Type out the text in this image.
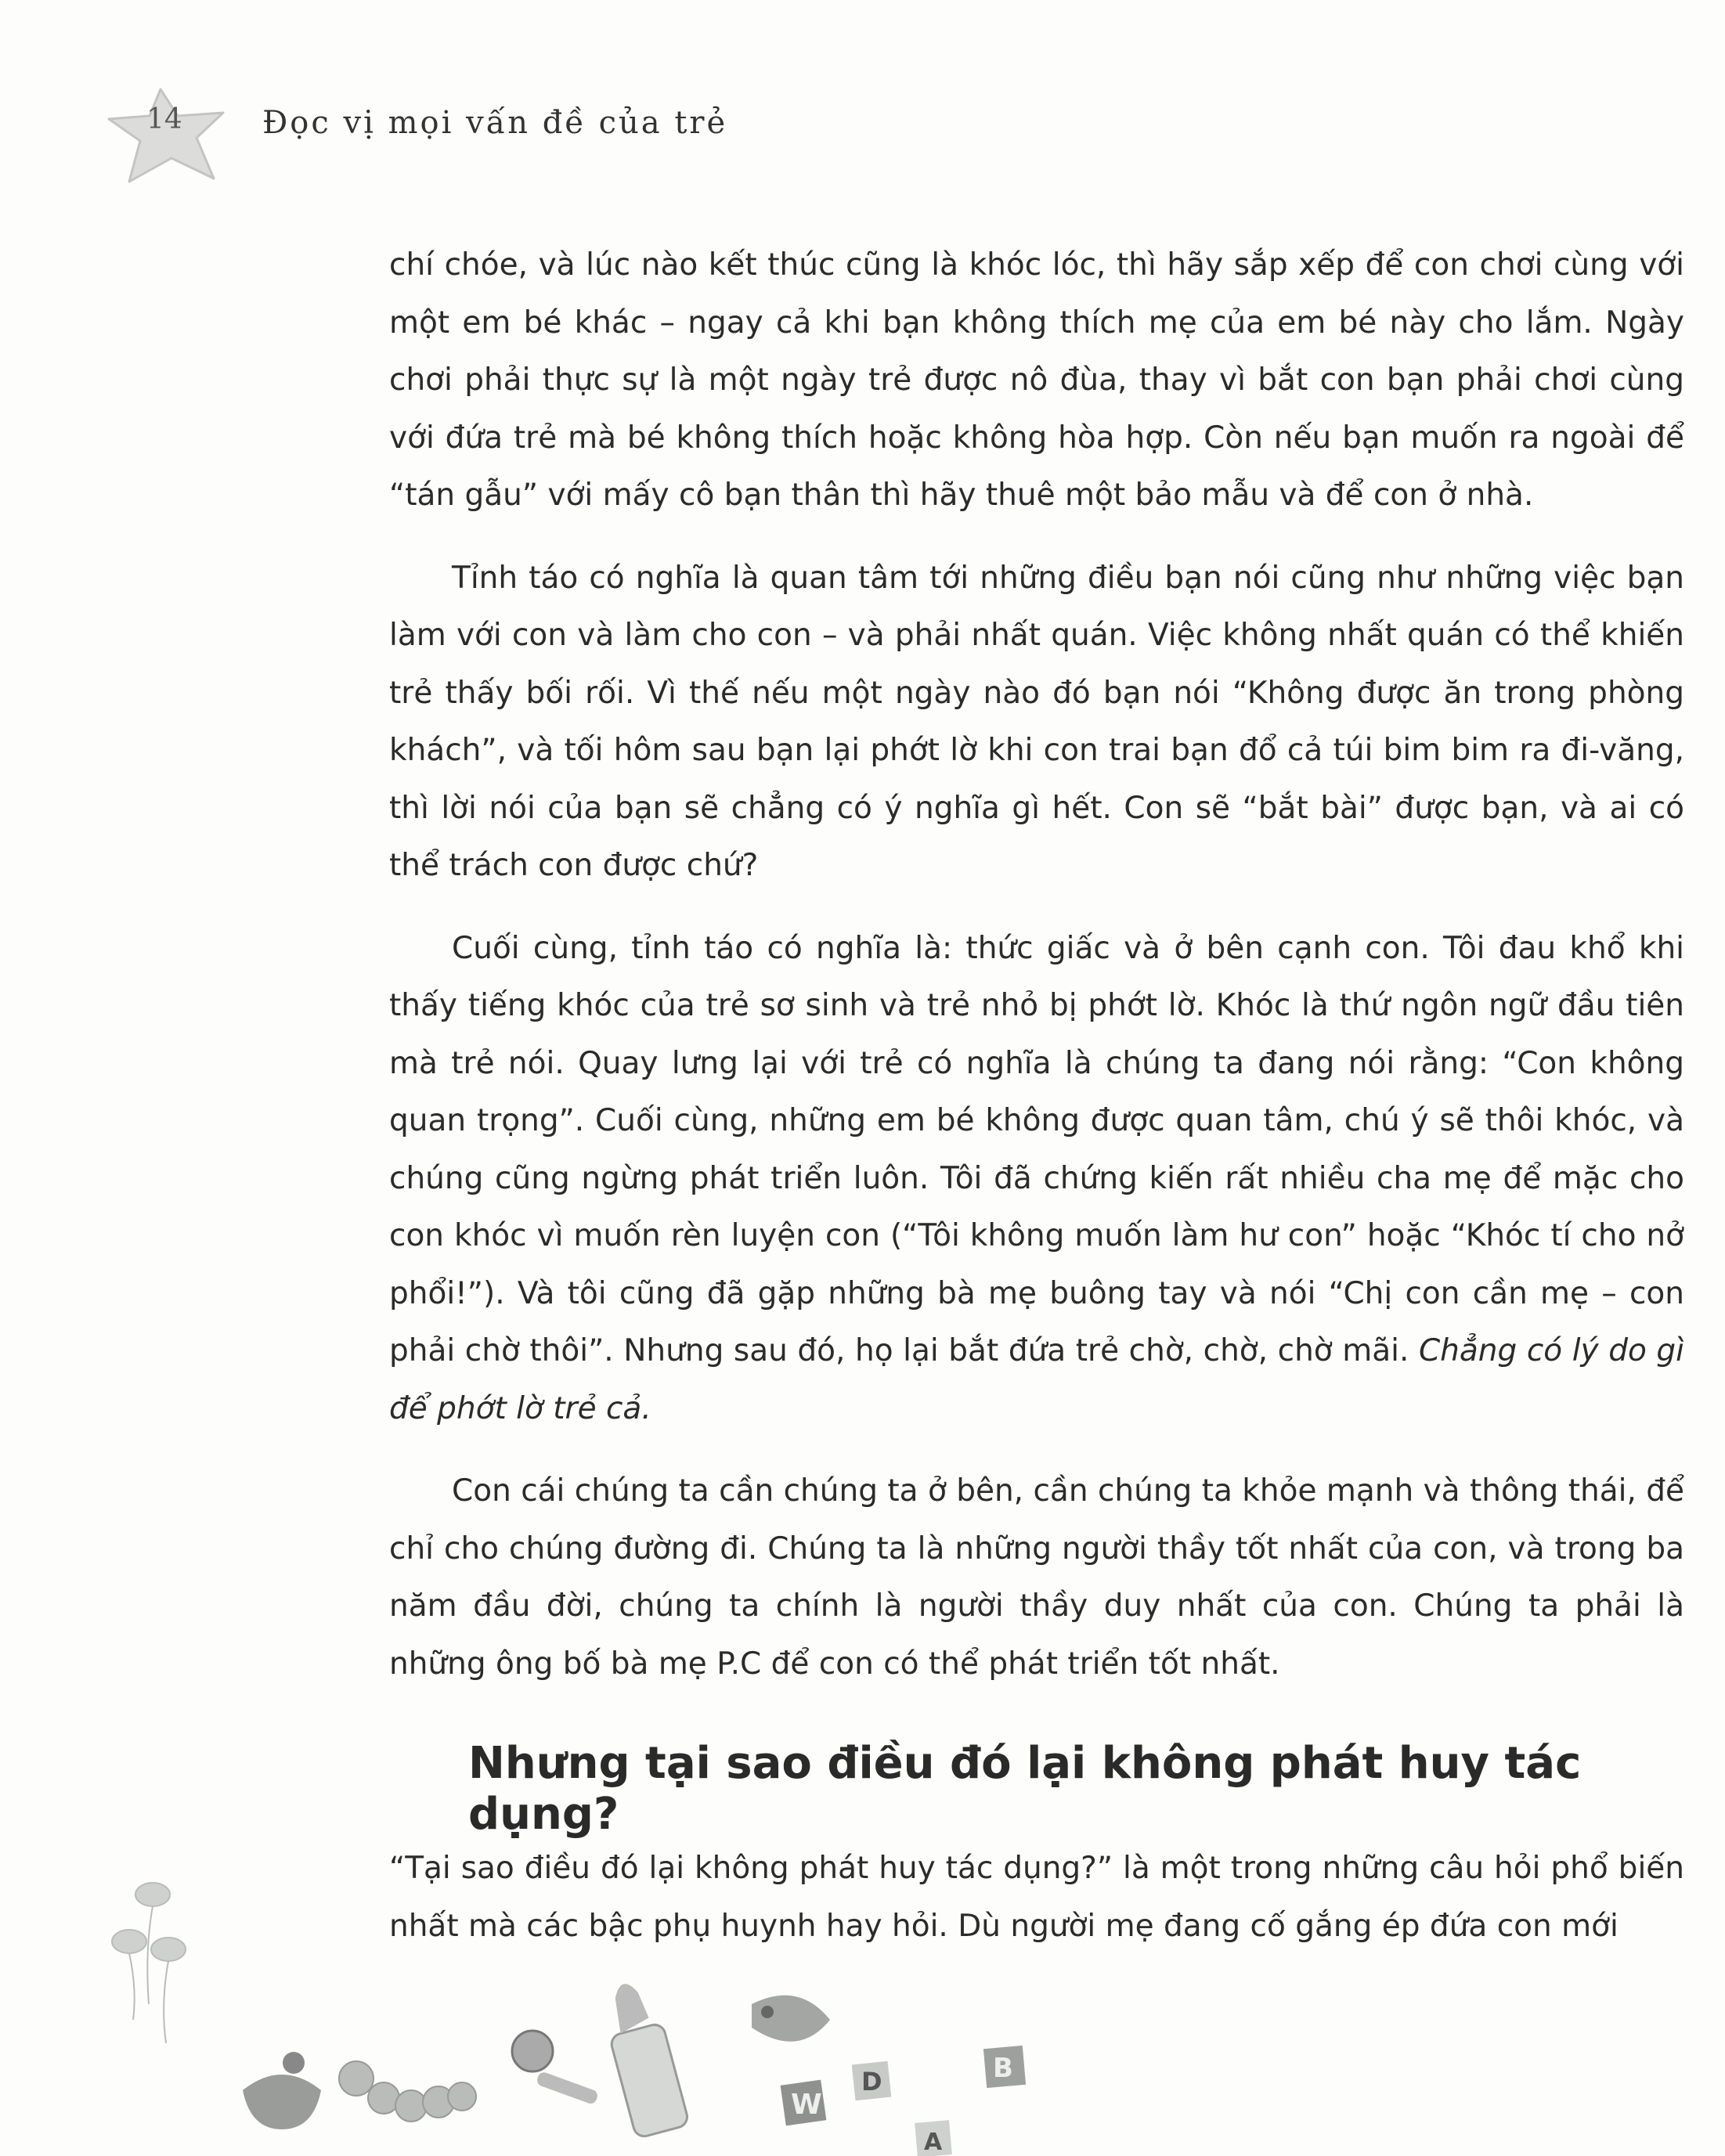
14	Đọc vị mọi vấn đề của trẻ

chí chóe, và lúc nào kết thúc cũng là khóc lóc, thì hãy sắp xếp để con chơi cùng với một em bé khác – ngay cả khi bạn không thích mẹ của em bé này cho lắm. Ngày chơi phải thực sự là một ngày trẻ được nô đùa, thay vì bắt con bạn phải chơi cùng với đứa trẻ mà bé không thích hoặc không hòa hợp. Còn nếu bạn muốn ra ngoài để “tán gẫu” với mấy cô bạn thân thì hãy thuê một bảo mẫu và để con ở nhà.

Tỉnh táo có nghĩa là quan tâm tới những điều bạn nói cũng như những việc bạn làm với con và làm cho con – và phải nhất quán. Việc không nhất quán có thể khiến trẻ thấy bối rối. Vì thế nếu một ngày nào đó bạn nói “Không được ăn trong phòng khách”, và tối hôm sau bạn lại phớt lờ khi con trai bạn đổ cả túi bim bim ra đi-văng, thì lời nói của bạn sẽ chẳng có ý nghĩa gì hết. Con sẽ “bắt bài” được bạn, và ai có thể trách con được chứ?

Cuối cùng, tỉnh táo có nghĩa là: thức giấc và ở bên cạnh con. Tôi đau khổ khi thấy tiếng khóc của trẻ sơ sinh và trẻ nhỏ bị phớt lờ. Khóc là thứ ngôn ngữ đầu tiên mà trẻ nói. Quay lưng lại với trẻ có nghĩa là chúng ta đang nói rằng: “Con không quan trọng”. Cuối cùng, những em bé không được quan tâm, chú ý sẽ thôi khóc, và chúng cũng ngừng phát triển luôn. Tôi đã chứng kiến rất nhiều cha mẹ để mặc cho con khóc vì muốn rèn luyện con (“Tôi không muốn làm hư con” hoặc “Khóc tí cho nở phổi!”). Và tôi cũng đã gặp những bà mẹ buông tay và nói “Chị con cần mẹ – con phải chờ thôi”. Nhưng sau đó, họ lại bắt đứa trẻ chờ, chờ, chờ mãi. Chẳng có lý do gì để phớt lờ trẻ cả.

Con cái chúng ta cần chúng ta ở bên, cần chúng ta khỏe mạnh và thông thái, để chỉ cho chúng đường đi. Chúng ta là những người thầy tốt nhất của con, và trong ba năm đầu đời, chúng ta chính là người thầy duy nhất của con. Chúng ta phải là những ông bố bà mẹ P.C để con có thể phát triển tốt nhất.

Nhưng tại sao điều đó lại không phát huy tác dụng?

“Tại sao điều đó lại không phát huy tác dụng?” là một trong những câu hỏi phổ biến nhất mà các bậc phụ huynh hay hỏi. Dù người mẹ đang cố gắng ép đứa con mới

W
D
A
B
